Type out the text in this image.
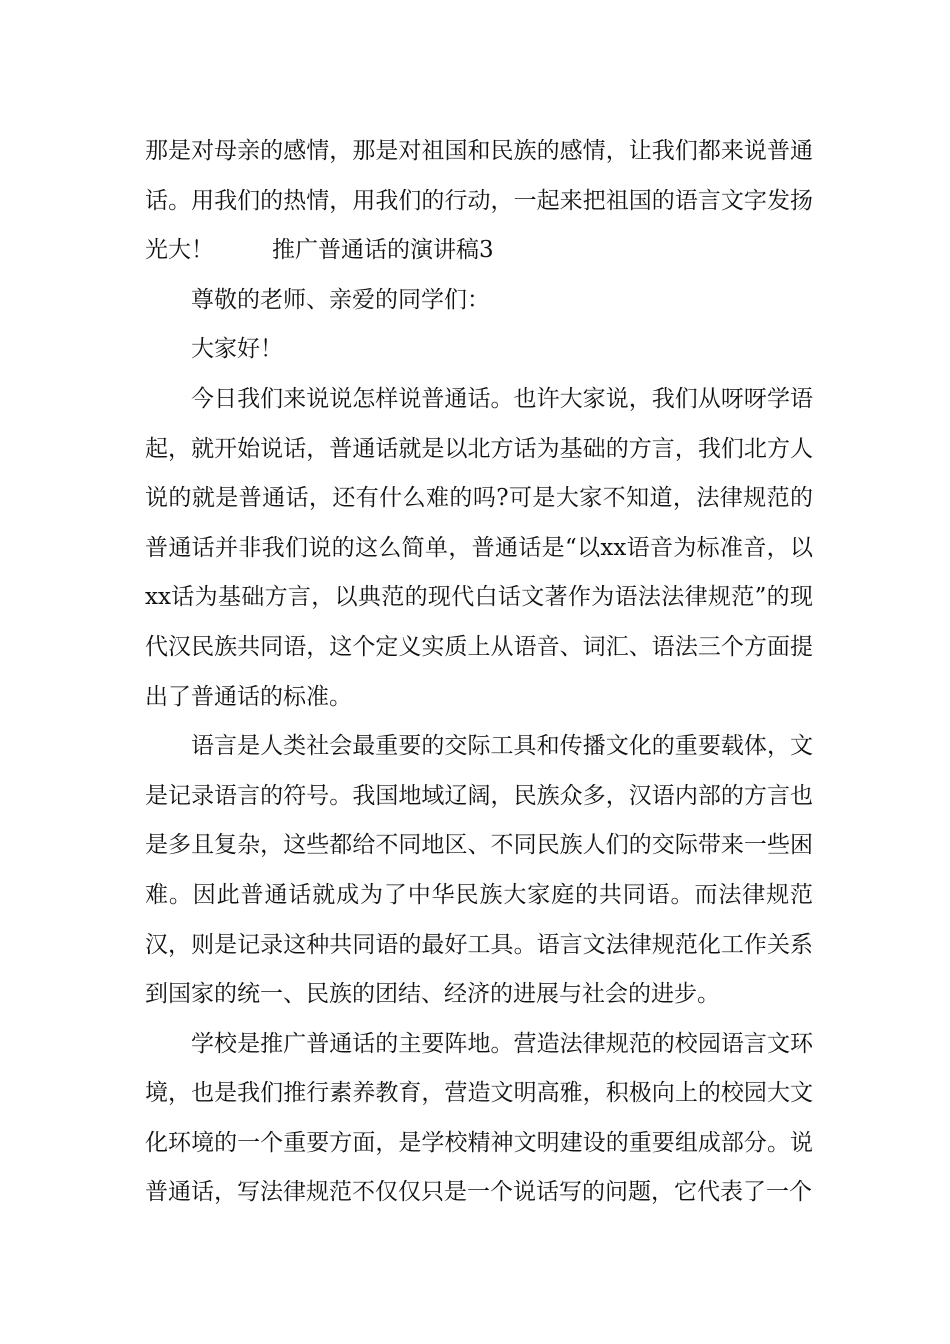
那是对母亲的感情，那是对祖国和民族的感情，让我们都来说普通话。用我们的热情，用我们的行动，一起来把祖国的语言文字发扬光大！	推广普通话的演讲稿3

尊敬的老师、亲爱的同学们：

大家好！

今日我们来说说怎样说普通话。也许大家说，我们从呀呀学语起，就开始说话，普通话就是以北方话为基础的方言，我们北方人说的就是普通话，还有什么难的吗?可是大家不知道，法律规范的普通话并非我们说的这么简单，普通话是“以xx语音为标准音，以xx话为基础方言，以典范的现代白话文著作为语法法律规范”的现代汉民族共同语，这个定义实质上从语音、词汇、语法三个方面提出了普通话的标准。

语言是人类社会最重要的交际工具和传播文化的重要载体，文是记录语言的符号。我国地域辽阔，民族众多，汉语内部的方言也是多且复杂，这些都给不同地区、不同民族人们的交际带来一些困难。因此普通话就成为了中华民族大家庭的共同语。而法律规范汉，则是记录这种共同语的最好工具。语言文法律规范化工作关系到国家的统一、民族的团结、经济的进展与社会的进步。

学校是推广普通话的主要阵地。营造法律规范的校园语言文环境，也是我们推行素养教育，营造文明高雅，积极向上的校园大文化环境的一个重要方面，是学校精神文明建设的重要组成部分。说普通话，写法律规范不仅仅只是一个说话写的问题，它代表了一个
